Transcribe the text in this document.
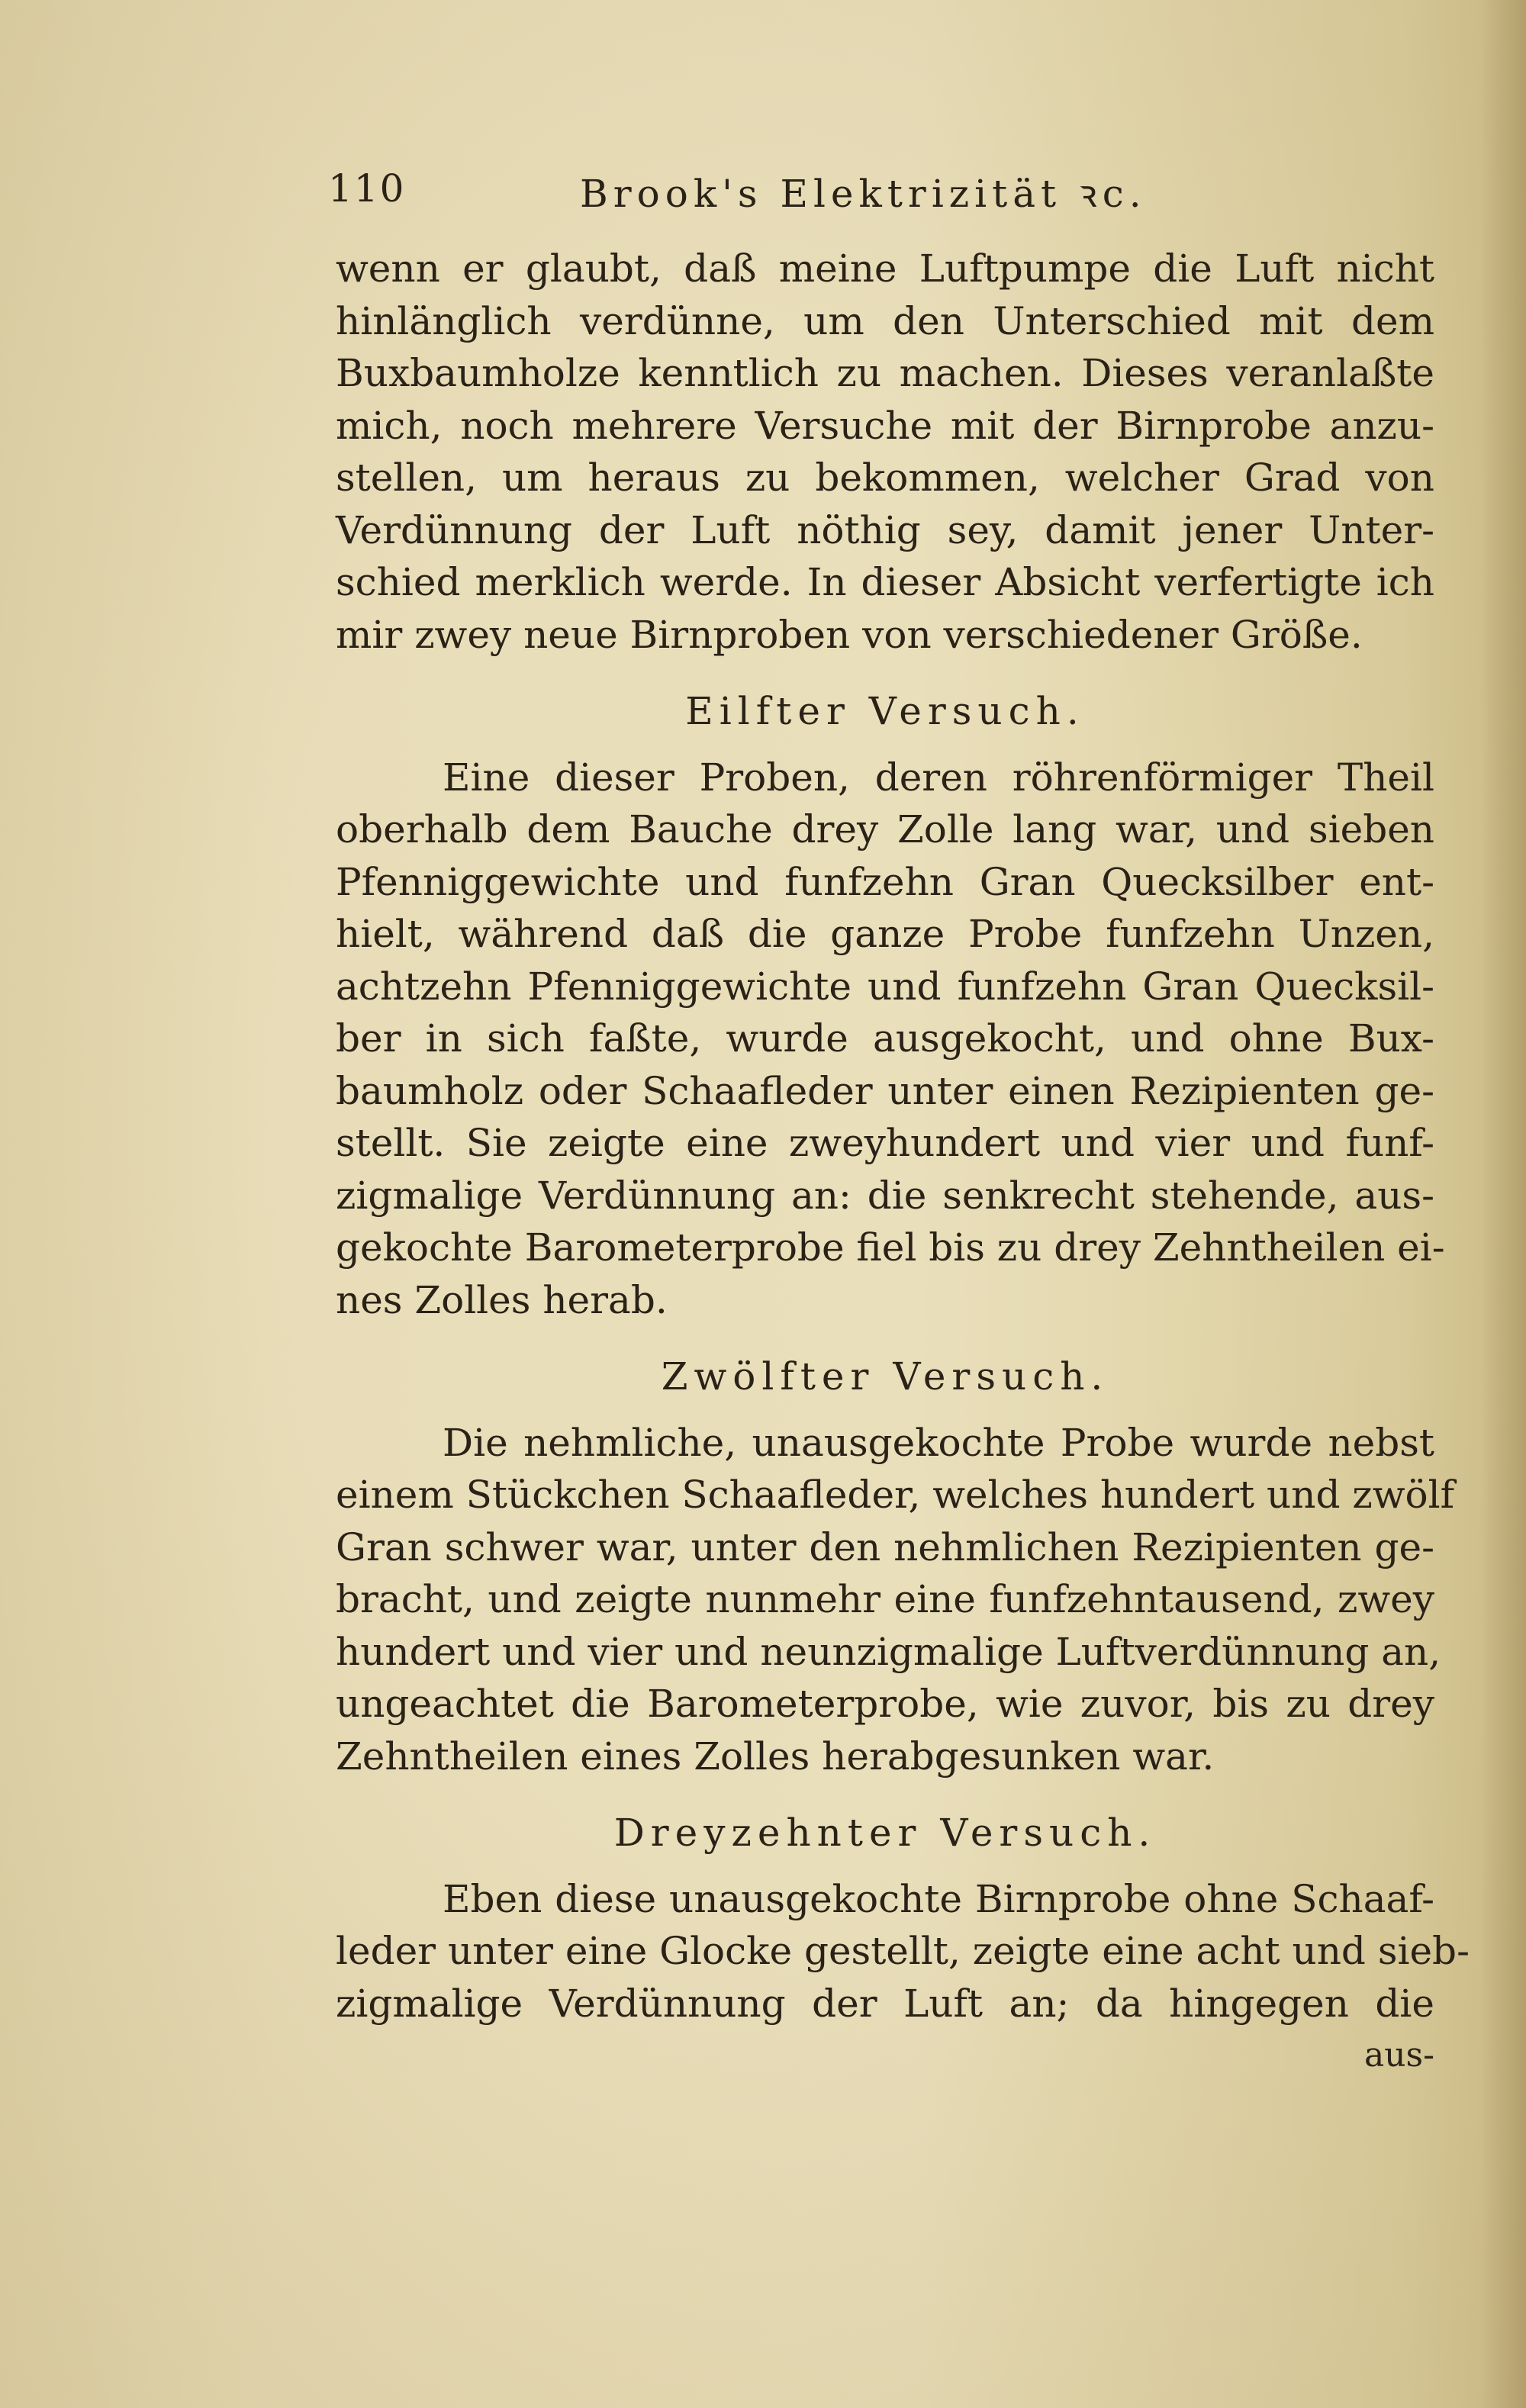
110	Brook's Elektrizität ꝛc.
wenn er glaubt, daß meine Luftpumpe die Luft nicht
hinlänglich verdünne, um den Unterschied mit dem
Buxbaumholze kenntlich zu machen. Dieses veranlaßte
mich, noch mehrere Versuche mit der Birnprobe anzu-
stellen, um heraus zu bekommen, welcher Grad von
Verdünnung der Luft nöthig sey, damit jener Unter-
schied merklich werde. In dieser Absicht verfertigte ich
mir zwey neue Birnproben von verschiedener Größe.
Eilfter Versuch.
Eine dieser Proben, deren röhrenförmiger Theil
oberhalb dem Bauche drey Zolle lang war, und sieben
Pfenniggewichte und funfzehn Gran Quecksilber ent-
hielt, während daß die ganze Probe funfzehn Unzen,
achtzehn Pfenniggewichte und funfzehn Gran Quecksil-
ber in sich faßte, wurde ausgekocht, und ohne Bux-
baumholz oder Schaafleder unter einen Rezipienten ge-
stellt. Sie zeigte eine zweyhundert und vier und funf-
zigmalige Verdünnung an: die senkrecht stehende, aus-
gekochte Barometerprobe fiel bis zu drey Zehntheilen ei-
nes Zolles herab.
Zwölfter Versuch.
Die nehmliche, unausgekochte Probe wurde nebst
einem Stückchen Schaafleder, welches hundert und zwölf
Gran schwer war, unter den nehmlichen Rezipienten ge-
bracht, und zeigte nunmehr eine funfzehntausend, zwey
hundert und vier und neunzigmalige Luftverdünnung an,
ungeachtet die Barometerprobe, wie zuvor, bis zu drey
Zehntheilen eines Zolles herabgesunken war.
Dreyzehnter Versuch.
Eben diese unausgekochte Birnprobe ohne Schaaf-
leder unter eine Glocke gestellt, zeigte eine acht und sieb-
zigmalige Verdünnung der Luft an; da hingegen die
aus-
